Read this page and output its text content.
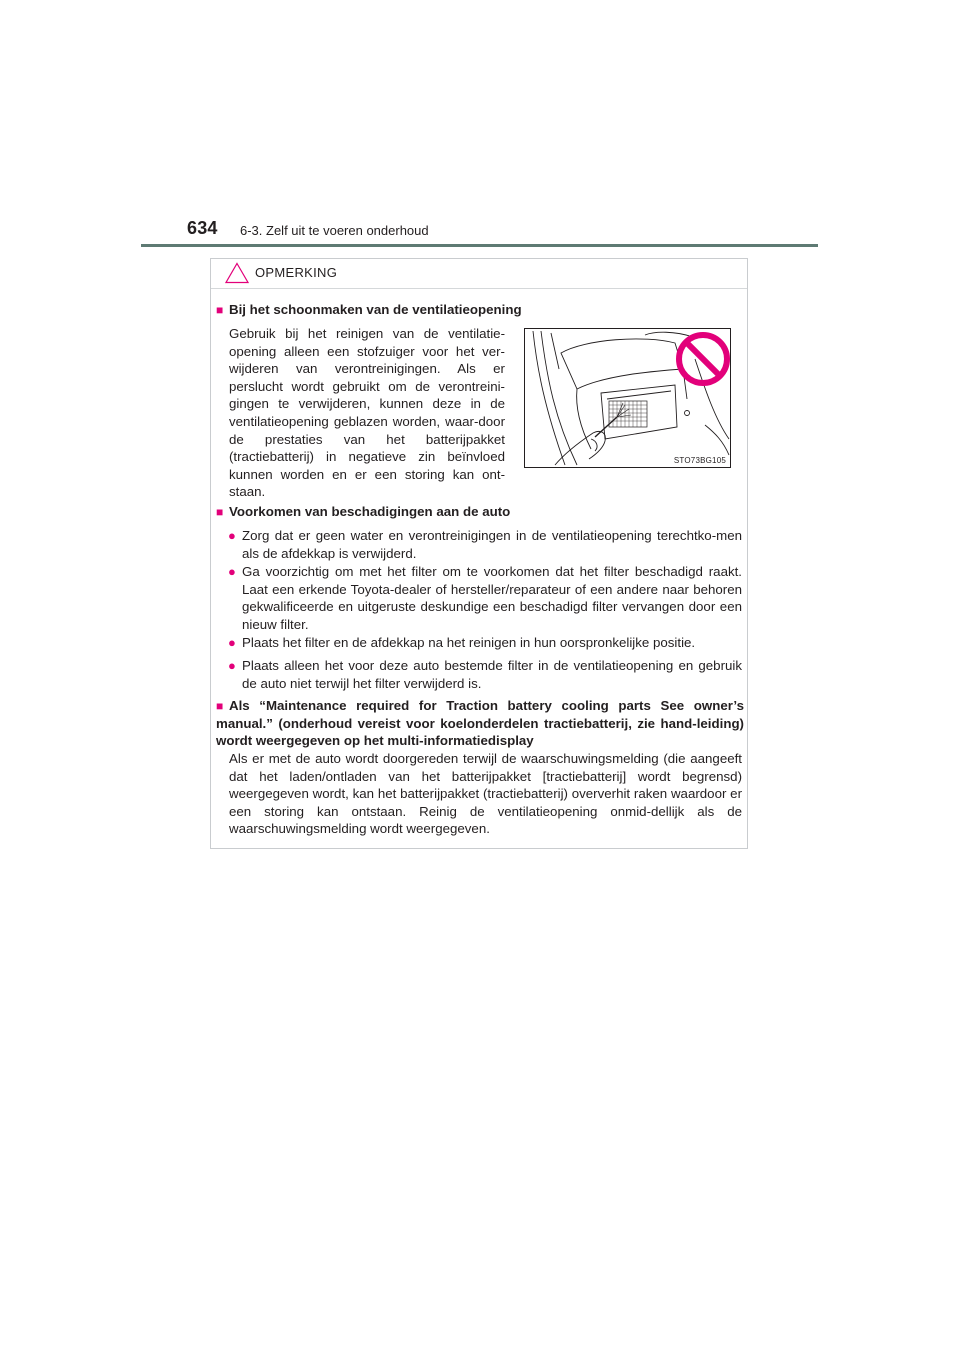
634 6-3. Zelf uit te voeren onderhoud
OPMERKING
■ Bij het schoonmaken van de ventilatieopening
Gebruik bij het reinigen van de ventilatie-opening alleen een stofzuiger voor het ver-wijderen van verontreinigingen. Als er perslucht wordt gebruikt om de verontreini-gingen te verwijderen, kunnen deze in de ventilatieopening geblazen worden, waar-door de prestaties van het batterijpakket (tractiebatterij) in negatieve zin beïnvloed kunnen worden en er een storing kan ont-staan.
STO73BG105
■ Voorkomen van beschadigingen aan de auto
● Zorg dat er geen water en verontreinigingen in de ventilatieopening terechtko-men als de afdekkap is verwijderd.
● Ga voorzichtig om met het filter om te voorkomen dat het filter beschadigd raakt. Laat een erkende Toyota-dealer of hersteller/reparateur of een andere naar behoren gekwalificeerde en uitgeruste deskundige een beschadigd filter vervangen door een nieuw filter.
● Plaats het filter en de afdekkap na het reinigen in hun oorspronkelijke positie.
● Plaats alleen het voor deze auto bestemde filter in de ventilatieopening en gebruik de auto niet terwijl het filter verwijderd is.
■ Als “Maintenance required for Traction battery cooling parts See owner’s manual.” (onderhoud vereist voor koelonderdelen tractiebatterij, zie hand-leiding) wordt weergegeven op het multi-informatiedisplay
Als er met de auto wordt doorgereden terwijl de waarschuwingsmelding (die aangeeft dat het laden/ontladen van het batterijpakket [tractiebatterij] wordt begrensd) weergegeven wordt, kan het batterijpakket (tractiebatterij) oververhit raken waardoor er een storing kan ontstaan. Reinig de ventilatieopening onmid-dellijk als de waarschuwingsmelding wordt weergegeven.
